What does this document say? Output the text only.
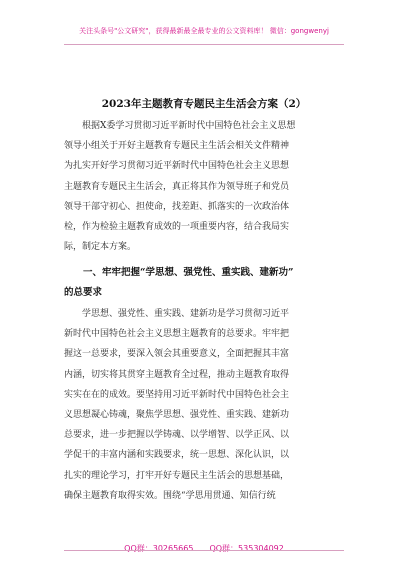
关注头条号"公文研究"，获得最新最全最专业的公文资料库！ 微信：gongwenyj
2023年主题教育专题民主生活会方案（2）
　　根据X委学习贯彻习近平新时代中国特色社会主义思想
领导小组关于开好主题教育专题民主生活会相关文件精神
为扎实开好学习贯彻习近平新时代中国特色社会主义思想
主题教育专题民主生活会，真正将其作为领导班子和党员
领导干部守初心、担使命，找差距、抓落实的一次政治体
检，作为检验主题教育成效的一项重要内容，结合我局实
际，制定本方案。
　　一、牢牢把握“学思想、强党性、重实践、建新功”
的总要求
　　学思想、强党性、重实践、建新功是学习贯彻习近平
新时代中国特色社会主义思想主题教育的总要求。牢牢把
握这一总要求，要深入领会其重要意义，全面把握其丰富
内涵，切实将其贯穿主题教育全过程，推动主题教育取得
实实在在的成效。要坚持用习近平新时代中国特色社会主
义思想凝心铸魂，聚焦学思想、强党性、重实践、建新功
总要求，进一步把握以学铸魂、以学增智、以学正风、以
学促干的丰富内涵和实践要求，统一思想、深化认识，以
扎实的理论学习，打牢开好专题民主生活会的思想基础，
确保主题教育取得实效。围绕“学思用贯通、知信行统
QQ群：30265665　　QQ群：535304092
